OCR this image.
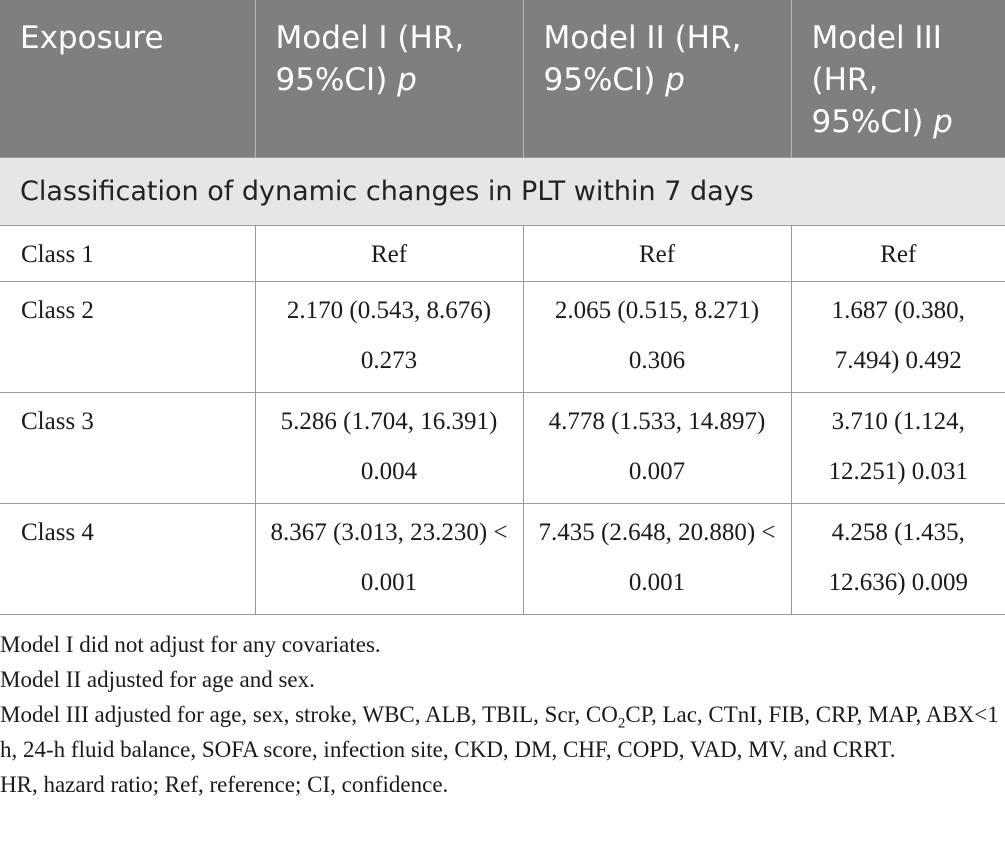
Exposure	Model I (HR, 95%CI) p	Model II (HR, 95%CI) p	Model III (HR, 95%CI) p
Classification of dynamic changes in PLT within 7 days			
Class 1	Ref	Ref	Ref
Class 2	2.170 (0.543, 8.676) 0.273	2.065 (0.515, 8.271) 0.306	1.687 (0.380, 7.494) 0.492
Class 3	5.286 (1.704, 16.391) 0.004	4.778 (1.533, 14.897) 0.007	3.710 (1.124, 12.251) 0.031
Class 4	8.367 (3.013, 23.230) < 0.001	7.435 (2.648, 20.880) < 0.001	4.258 (1.435, 12.636) 0.009

Model I did not adjust for any covariates.

Model II adjusted for age and sex.

Model III adjusted for age, sex, stroke, WBC, ALB, TBIL, Scr, $CO_2CP$, Lac, CTnI, FIB, CRP, MAP, ABX<1 h, 24-h fluid balance, SOFA score, infection site, CKD, DM, CHF, COPD, VAD, MV, and CRRT.

HR, hazard ratio; Ref, reference; CI, confidence.
